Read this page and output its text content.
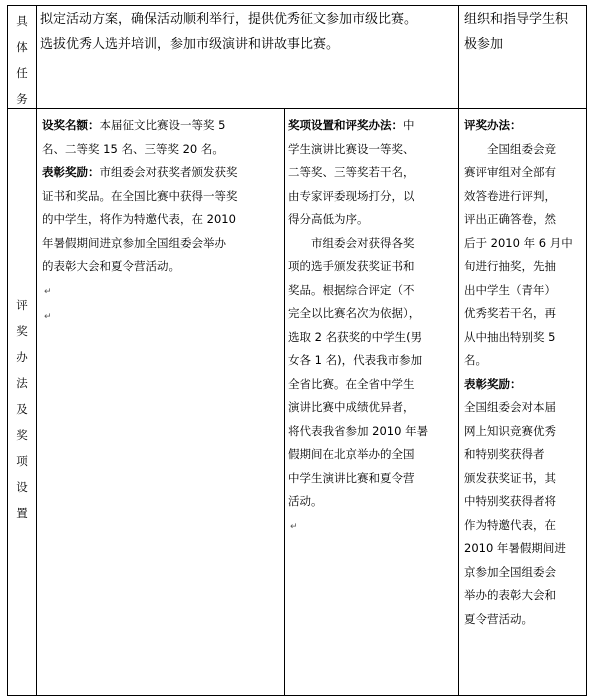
具
体
任
务
拟定活动方案，确保活动顺利举行，提供优秀征文参加市级比赛。
选拔优秀人选并培训，参加市级演讲和讲故事比赛。
组织和指导学生积
极参加
评
奖
办
法
及
奖
项
设
置
设奖名额：本届征文比赛设一等奖 5
名、二等奖 15 名、三等奖 20 名。
表彰奖励：市组委会对获奖者颁发获奖
证书和奖品。在全国比赛中获得一等奖
的中学生，将作为特邀代表，在 2010
年暑假期间进京参加全国组委会举办
的表彰大会和夏令营活动。
↵
↵
奖项设置和评奖办法：中
学生演讲比赛设一等奖、
二等奖、三等奖若干名，
由专家评委现场打分，以
得分高低为序。
　　市组委会对获得各奖
项的选手颁发获奖证书和
奖品。根据综合评定（不
完全以比赛名次为依据），
选取 2 名获奖的中学生(男
女各 1 名)，代表我市参加
全省比赛。在全省中学生
演讲比赛中成绩优异者，
将代表我省参加 2010 年暑
假期间在北京举办的全国
中学生演讲比赛和夏令营
活动。
↵
评奖办法：
　　全国组委会竞
赛评审组对全部有
效答卷进行评判，
评出正确答卷，然
后于 2010 年 6 月中
旬进行抽奖，先抽
出中学生（青年）
优秀奖若干名，再
从中抽出特别奖 5
名。
表彰奖励：
全国组委会对本届
网上知识竞赛优秀
和特别奖获得者
颁发获奖证书，其
中特别奖获得者将
作为特邀代表，在
2010 年暑假期间进
京参加全国组委会
举办的表彰大会和
夏令营活动。
